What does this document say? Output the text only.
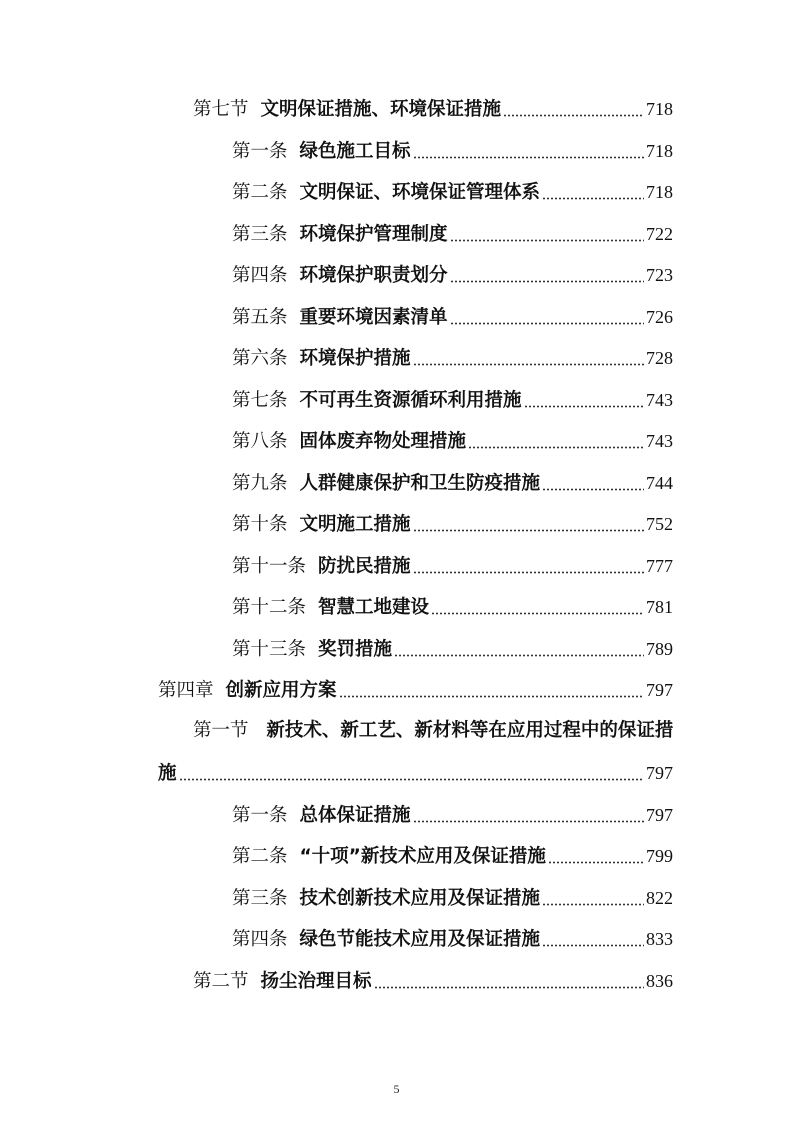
第七节 文明保证措施、环境保证措施	718
第一条 绿色施工目标	718
第二条 文明保证、环境保证管理体系	718
第三条 环境保护管理制度	722
第四条 环境保护职责划分	723
第五条 重要环境因素清单	726
第六条 环境保护措施	728
第七条 不可再生资源循环利用措施	743
第八条 固体废弃物处理措施	743
第九条 人群健康保护和卫生防疫措施	744
第十条 文明施工措施	752
第十一条 防扰民措施	777
第十二条 智慧工地建设	781
第十三条 奖罚措施	789
第四章 创新应用方案	797
第一节 新技术、新工艺、新材料等在应用过程中的保证措
施	797
第一条 总体保证措施	797
第二条 “十项”新技术应用及保证措施	799
第三条 技术创新技术应用及保证措施	822
第四条 绿色节能技术应用及保证措施	833
第二节 扬尘治理目标	836
5
